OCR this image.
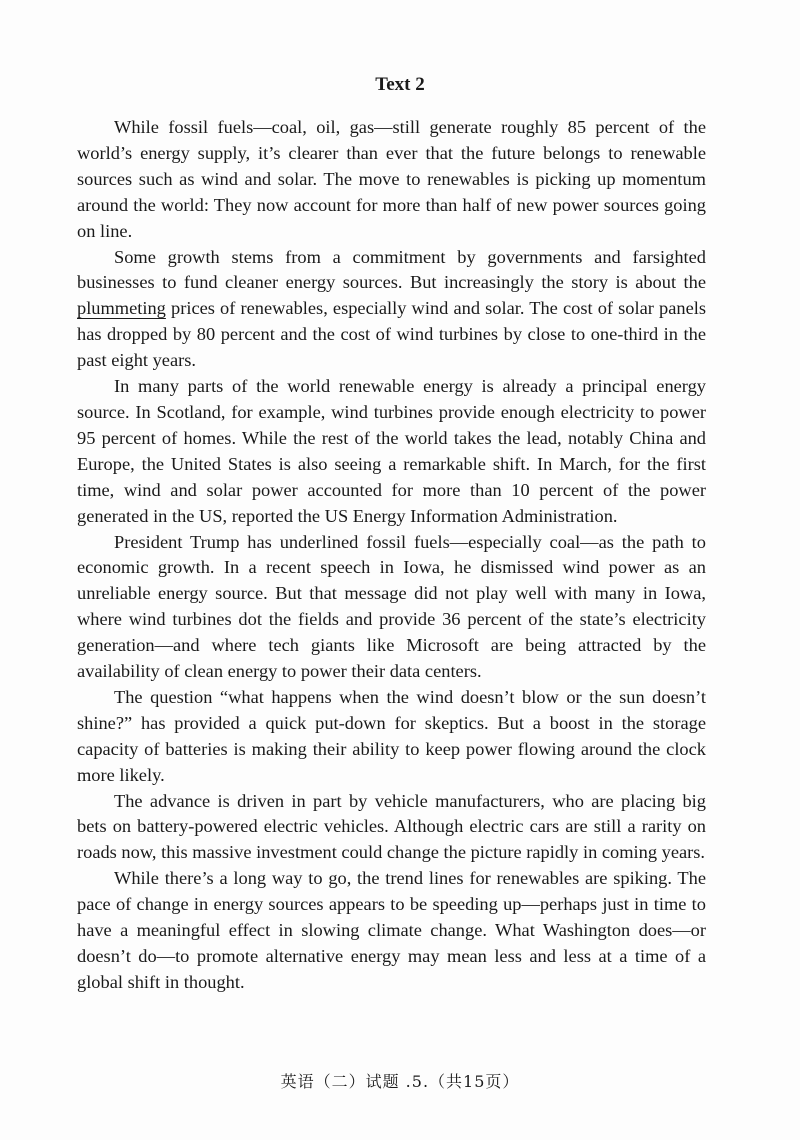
Text 2

While fossil fuels—coal, oil, gas—still generate roughly 85 percent of the world’s energy supply, it’s clearer than ever that the future belongs to renewable sources such as wind and solar. The move to renewables is picking up momentum around the world: They now account for more than half of new power sources going on line.

Some growth stems from a commitment by governments and farsighted businesses to fund cleaner energy sources. But increasingly the story is about the plummeting prices of renewables, especially wind and solar. The cost of solar panels has dropped by 80 percent and the cost of wind turbines by close to one-third in the past eight years.

In many parts of the world renewable energy is already a principal energy source. In Scotland, for example, wind turbines provide enough electricity to power 95 percent of homes. While the rest of the world takes the lead, notably China and Europe, the United States is also seeing a remarkable shift. In March, for the first time, wind and solar power accounted for more than 10 percent of the power generated in the US, reported the US Energy Information Administration.

President Trump has underlined fossil fuels—especially coal—as the path to economic growth. In a recent speech in Iowa, he dismissed wind power as an unreliable energy source. But that message did not play well with many in Iowa, where wind turbines dot the fields and provide 36 percent of the state’s electricity generation—and where tech giants like Microsoft are being attracted by the availability of clean energy to power their data centers.

The question “what happens when the wind doesn’t blow or the sun doesn’t shine?” has provided a quick put-down for skeptics. But a boost in the storage capacity of batteries is making their ability to keep power flowing around the clock more likely.

The advance is driven in part by vehicle manufacturers, who are placing big bets on battery-powered electric vehicles. Although electric cars are still a rarity on roads now, this massive investment could change the picture rapidly in coming years.

While there’s a long way to go, the trend lines for renewables are spiking. The pace of change in energy sources appears to be speeding up—perhaps just in time to have a meaningful effect in slowing climate change. What Washington does—or doesn’t do—to promote alternative energy may mean less and less at a time of a global shift in thought.

英语（二）试题 .5.（共15页）
